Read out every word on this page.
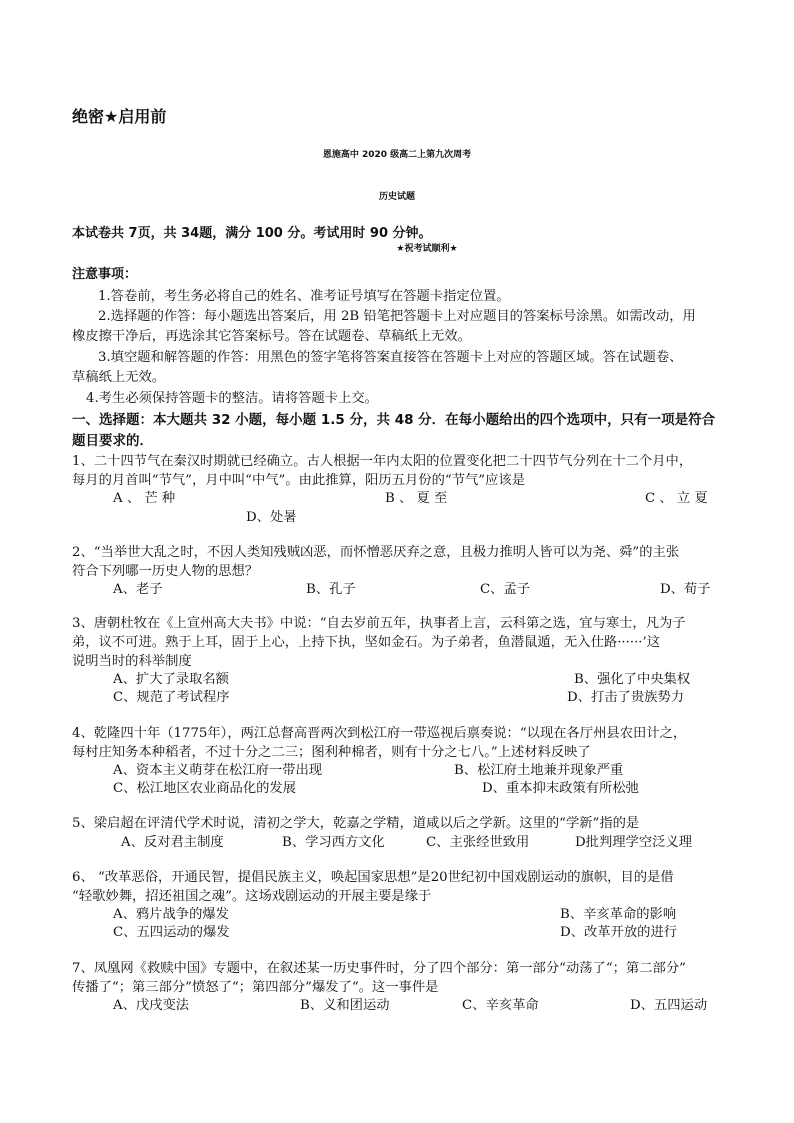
绝密★启用前
恩施高中 2020 级高二上第九次周考
历史试题
本试卷共 7页，共 34题，满分 100 分。考试用时 90 分钟。
★祝考试顺利★
注意事项：
1.答卷前，考生务必将自己的姓名、准考证号填写在答题卡指定位置。
2.选择题的作答：每小题选出答案后，用 2B 铅笔把答题卡上对应题目的答案标号涂黑。如需改动，用
橡皮擦干净后，再选涂其它答案标号。答在试题卷、草稿纸上无效。
3.填空题和解答题的作答：用黑色的签字笔将答案直接答在答题卡上对应的答题区域。答在试题卷、
草稿纸上无效。
4.考生必须保持答题卡的整洁。请将答题卡上交。
一、选择题：本大题共 32 小题，每小题 1.5 分，共 48 分．在每小题给出的四个选项中，只有一项是符合
题目要求的．
1、二十四节气在秦汉时期就已经确立。古人根据一年内太阳的位置变化把二十四节气分列在十二个月中，
每月的月首叫“节气”，月中叫“中气”。由此推算，阳历五月份的“节气”应该是
A 、 芒 种	B 、 夏 至	C 、 立 夏
D、处暑
2、“当举世大乱之时，不因人类知残贼凶恶，而怀憎恶厌弃之意，且极力推明人皆可以为尧、舜”的主张
符合下列哪一历史人物的思想？
A、老子	B、孔子	C、孟子	D、荀子
3、唐朝杜牧在《上宣州高大夫书》中说：“自去岁前五年，执事者上言，云科第之选，宜与寒士，凡为子
弟，议不可进。熟于上耳，固于上心，上持下执，坚如金石。为子弟者，鱼潜鼠遁，无入仕路······’这
说明当时的科举制度
A、扩大了录取名额	B、强化了中央集权
C、规范了考试程序	D、打击了贵族势力
4、乾隆四十年（1775年），两江总督高晋两次到松江府一带巡视后禀奏说：“以现在各厅州县农田计之，
每村庄知务本种稻者，不过十分之二三；图利种棉者，则有十分之七八。”上述材料反映了
A、资本主义萌芽在松江府一带出现	B、松江府土地兼并现象严重
C、松江地区农业商品化的发展	D、重本抑末政策有所松弛
5、梁启超在评清代学术时说，清初之学大，乾嘉之学精，道咸以后之学新。这里的“学新”指的是
A、反对君主制度	B、学习西方文化	C、主张经世致用	D批判理学空泛义理
6、 “改革恶俗，开通民智，提倡民族主义，唤起国家思想”是20世纪初中国戏剧运动的旗帜，目的是借
“轻歌妙舞，招还祖国之魂”。这场戏剧运动的开展主要是缘于
A、鸦片战争的爆发	B、辛亥革命的影响
C、五四运动的爆发	D、改革开放的进行
7、凤凰网《救赎中国》专题中，在叙述某一历史事件时，分了四个部分：第一部分“动荡了“；第二部分”
传播了“；第三部分”愤怒了“；第四部分”爆发了“。这一事件是
A、戊戌变法	B、义和团运动	C、辛亥革命	D、五四运动
